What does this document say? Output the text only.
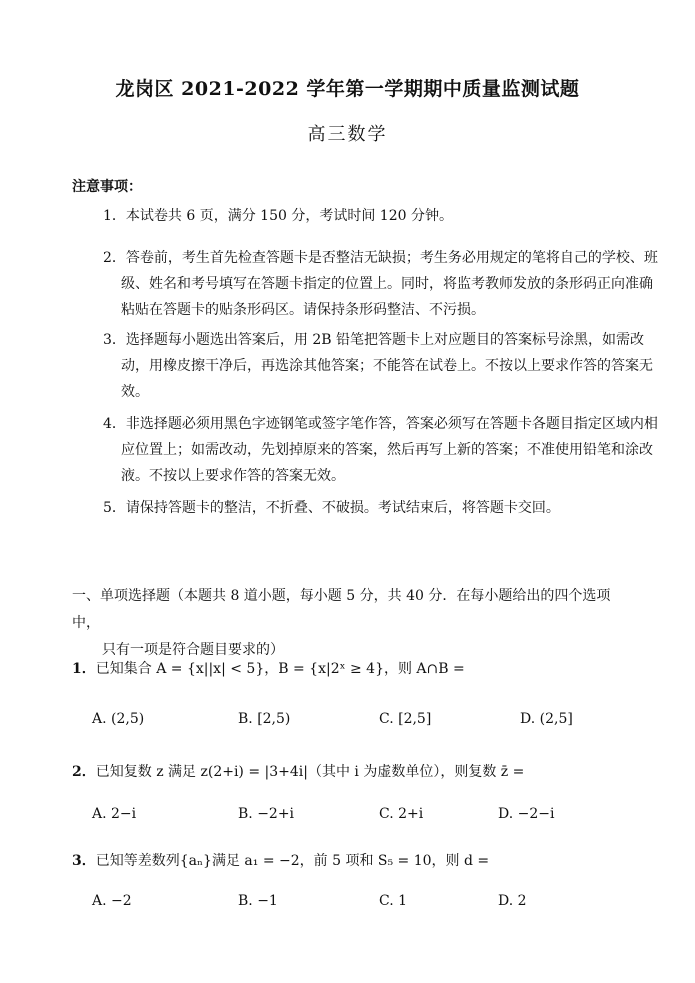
龙岗区 2021-2022 学年第一学期期中质量监测试题
高三数学
注意事项：
1．本试卷共 6 页，满分 150 分，考试时间 120 分钟。
2．答卷前，考生首先检查答题卡是否整洁无缺损；考生务必用规定的笔将自己的学校、班级、姓名和考号填写在答题卡指定的位置上。同时，将监考教师发放的条形码正向准确粘贴在答题卡的贴条形码区。请保持条形码整洁、不污损。
3．选择题每小题选出答案后，用 2B 铅笔把答题卡上对应题目的答案标号涂黑，如需改动，用橡皮擦干净后，再选涂其他答案；不能答在试卷上。不按以上要求作答的答案无效。
4．非选择题必须用黑色字迹钢笔或签字笔作答，答案必须写在答题卡各题目指定区域内相应位置上；如需改动，先划掉原来的答案，然后再写上新的答案；不准使用铅笔和涂改液。不按以上要求作答的答案无效。
5．请保持答题卡的整洁，不折叠、不破损。考试结束后，将答题卡交回。
一、单项选择题（本题共 8 道小题，每小题 5 分，共 40 分．在每小题给出的四个选项中，
只有一项是符合题目要求的）
1．已知集合 A = {x||x| < 5}，B = {x|2ˣ ≥ 4}，则 A∩B =
A. (2,5)	B. [2,5)	C. [2,5]	D. (2,5]
2．已知复数 z 满足 z(2+i) = |3+4i|（其中 i 为虚数单位），则复数 z̄ =
A. 2−i	B. −2+i	C. 2+i	D. −2−i
3．已知等差数列{aₙ}满足 a₁ = −2，前 5 项和 S₅ = 10，则 d =
A. −2	B. −1	C. 1	D. 2
